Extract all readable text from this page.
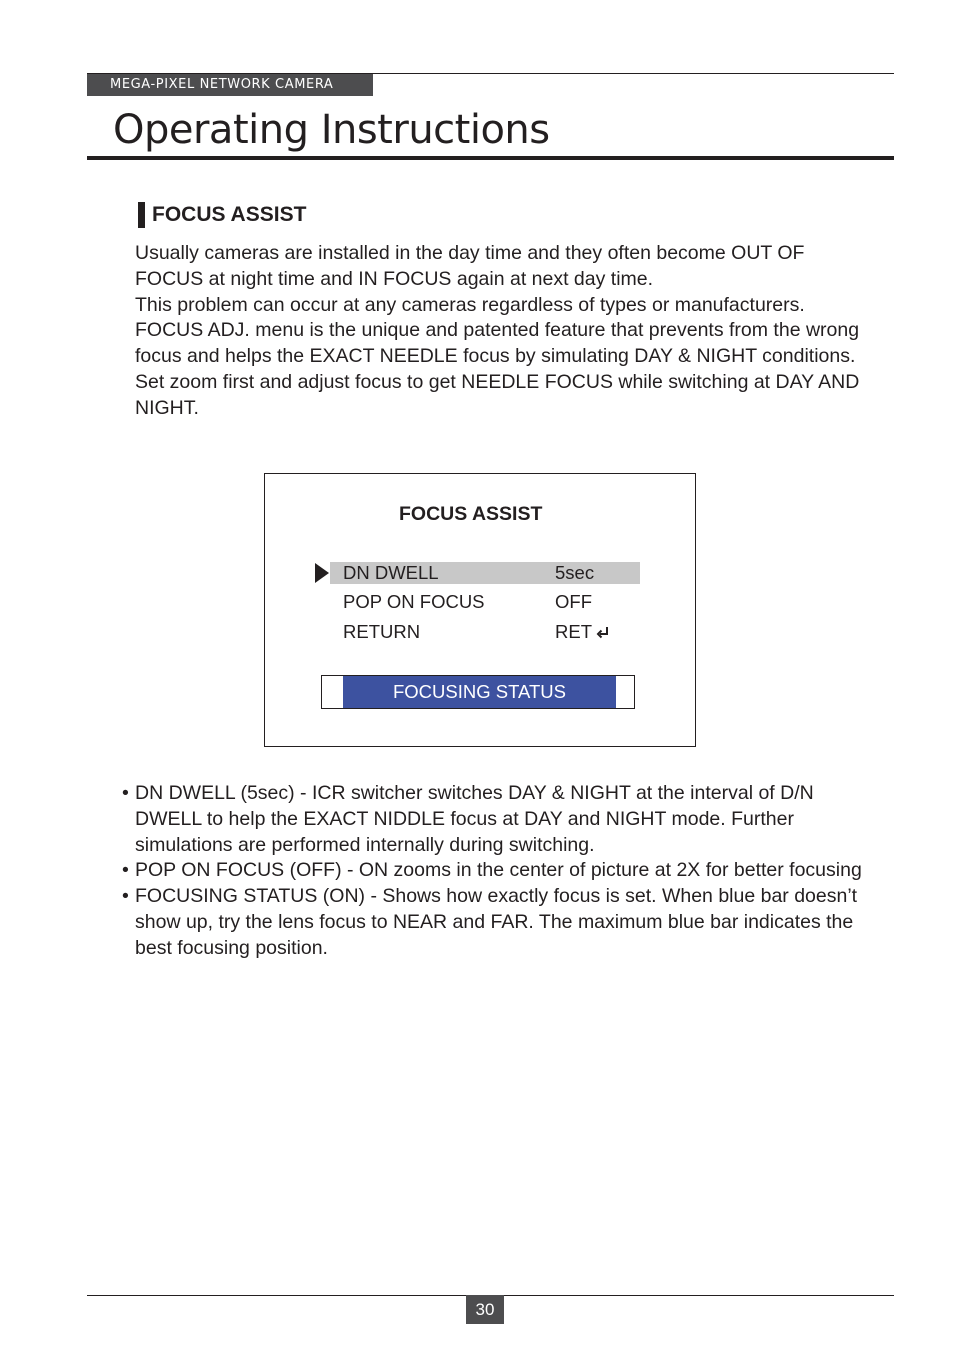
MEGA-PIXEL NETWORK CAMERA
Operating Instructions
FOCUS ASSIST

Usually cameras are installed in the day time and they often become OUT OF FOCUS at night time and IN FOCUS again at next day time.

This problem can occur at any cameras regardless of types or manufacturers. FOCUS ADJ. menu is the unique and patented feature that prevents from the wrong focus and helps the EXACT NEEDLE focus by simulating DAY & NIGHT conditions.

Set zoom first and adjust focus to get NEEDLE FOCUS while switching at DAY AND NIGHT.

FOCUS ASSIST
DN DWELL	5sec
POP ON FOCUS	OFF
RETURN	RET
FOCUSING STATUS
• DN DWELL (5sec) - ICR switcher switches DAY & NIGHT at the interval of D/N DWELL to help the EXACT NIDDLE focus at DAY and NIGHT mode. Further simulations are performed internally during switching.
• POP ON FOCUS (OFF) - ON zooms in the center of picture at 2X for better focusing
• FOCUSING STATUS (ON) - Shows how exactly focus is set. When blue bar doesn’t show up, try the lens focus to NEAR and FAR. The maximum blue bar indicates the best focusing position.
30
